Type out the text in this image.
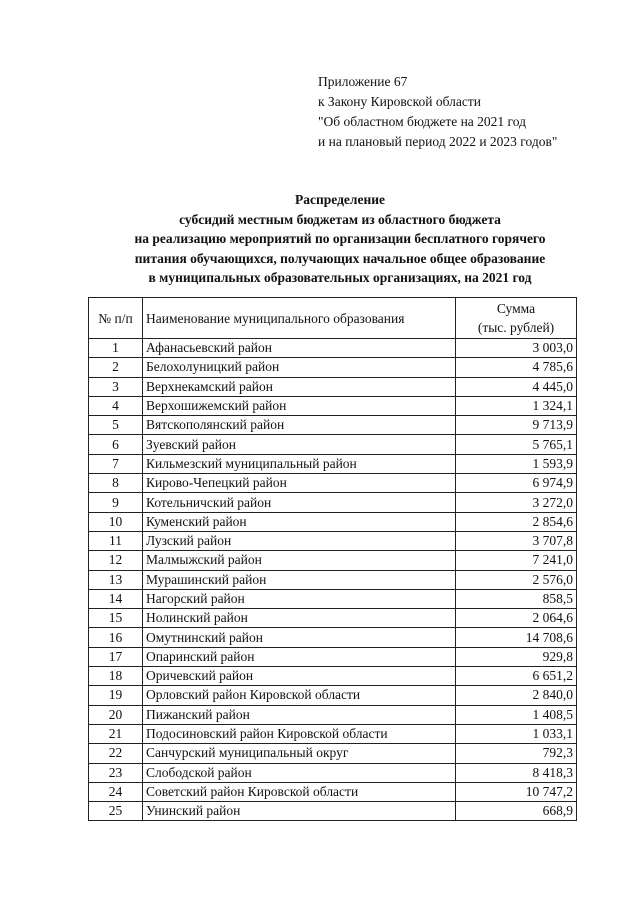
Приложение 67
к Закону Кировской области
"Об областном бюджете на 2021 год
и на плановый период 2022 и 2023 годов"
Распределение
субсидий местным бюджетам из областного бюджета
на реализацию мероприятий по организации бесплатного горячего
питания обучающихся, получающих начальное общее образование
в муниципальных образовательных организациях, на 2021 год
№ п/п	Наименование муниципального образования	Сумма
(тыс. рублей)

1	Афанасьевский район	3 003,0
2	Белохолуницкий район	4 785,6
3	Верхнекамский район	4 445,0
4	Верхошижемский район	1 324,1
5	Вятскополянский район	9 713,9
6	Зуевский район	5 765,1
7	Кильмезский муниципальный район	1 593,9
8	Кирово-Чепецкий район	6 974,9
9	Котельничский район	3 272,0
10	Куменский район	2 854,6
11	Лузский район	3 707,8
12	Малмыжский район	7 241,0
13	Мурашинский район	2 576,0
14	Нагорский район	858,5
15	Нолинский район	2 064,6
16	Омутнинский район	14 708,6
17	Опаринский район	929,8
18	Оричевский район	6 651,2
19	Орловский район Кировской области	2 840,0
20	Пижанский район	1 408,5
21	Подосиновский район Кировской области	1 033,1
22	Санчурский муниципальный округ	792,3
23	Слободской район	8 418,3
24	Советский район Кировской области	10 747,2
25	Унинский район	668,9
